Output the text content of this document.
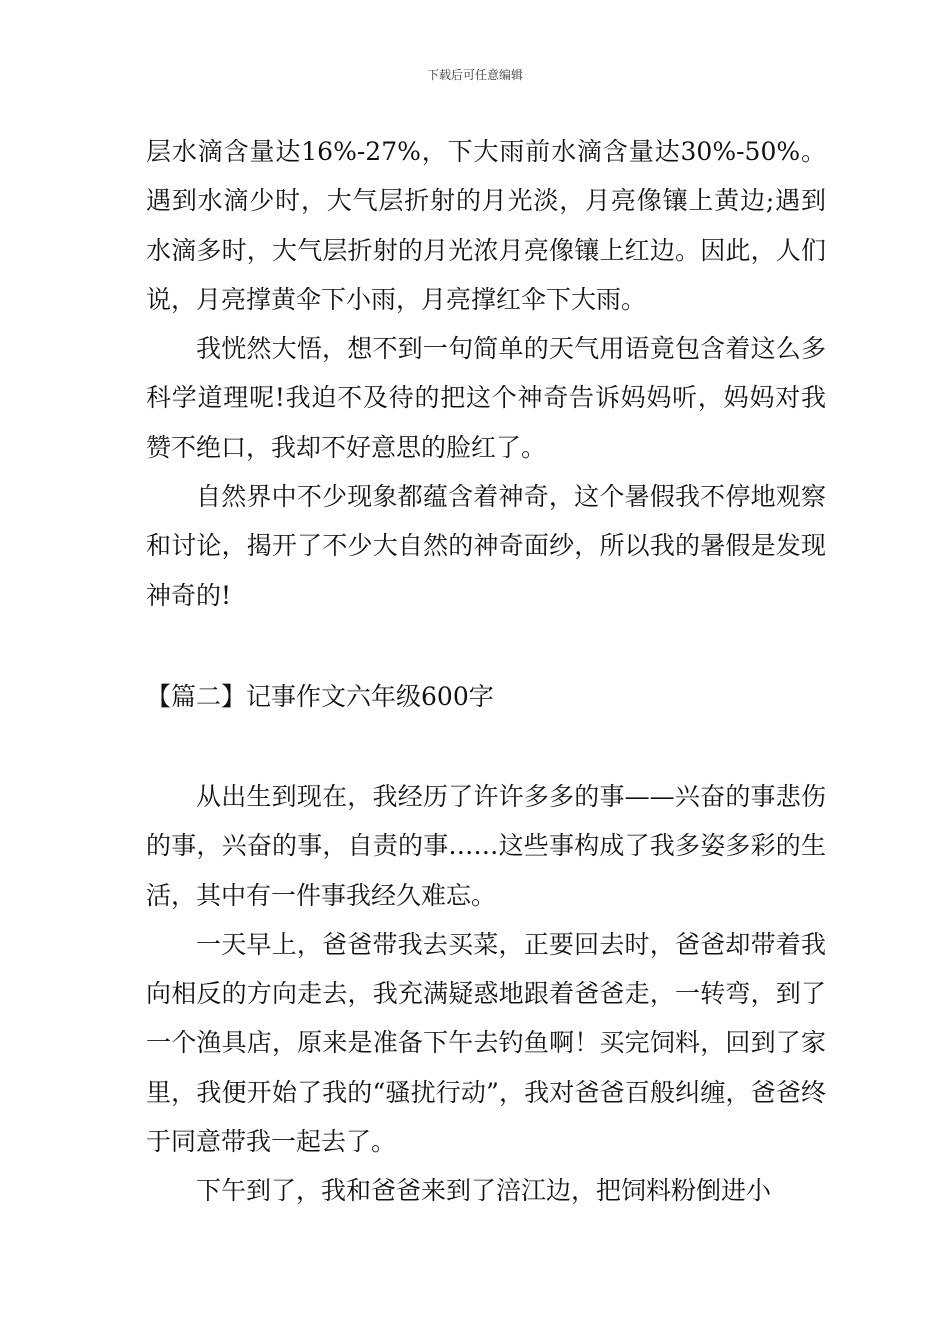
下载后可任意编辑

层水滴含量达16%-27%，下大雨前水滴含量达30%-50%。遇到水滴少时，大气层折射的月光淡，月亮像镶上黄边;遇到水滴多时，大气层折射的月光浓月亮像镶上红边。因此，人们说，月亮撑黄伞下小雨，月亮撑红伞下大雨。

我恍然大悟，想不到一句简单的天气用语竟包含着这么多科学道理呢!我迫不及待的把这个神奇告诉妈妈听，妈妈对我赞不绝口，我却不好意思的脸红了。

自然界中不少现象都蕴含着神奇，这个暑假我不停地观察和讨论，揭开了不少大自然的神奇面纱，所以我的暑假是发现神奇的!

【篇二】记事作文六年级600字

从出生到现在，我经历了许许多多的事——兴奋的事悲伤的事，兴奋的事，自责的事……这些事构成了我多姿多彩的生活，其中有一件事我经久难忘。

一天早上，爸爸带我去买菜，正要回去时，爸爸却带着我向相反的方向走去，我充满疑惑地跟着爸爸走，一转弯，到了一个渔具店，原来是准备下午去钓鱼啊！买完饲料，回到了家里，我便开始了我的“骚扰行动”，我对爸爸百般纠缠，爸爸终于同意带我一起去了。

下午到了，我和爸爸来到了涪江边，把饲料粉倒进小
